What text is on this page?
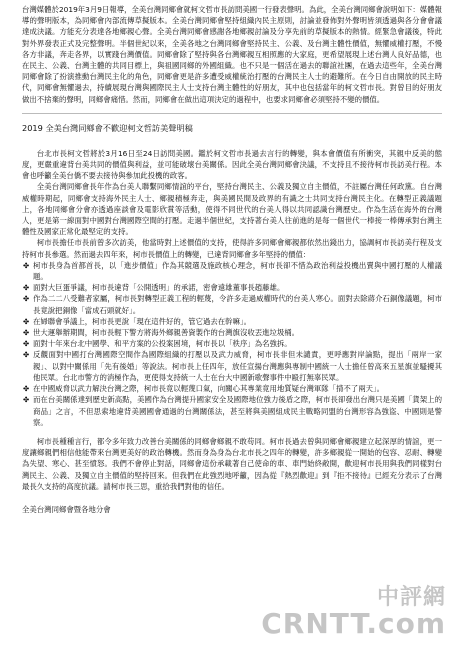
台灣媒體於2019年3月9日報導，全美台灣同鄉會就柯文哲市長訪問美國一行發表聲明。為此，全美台灣同鄉會說明如下：媒體報導的聲明版本，為同鄉會內部流傳草擬版本。全美台灣同鄉會堅持組織內民主原則，討論並發佈對外聲明皆須透過與各分會會議達成決議。方能充分表達各地鄉親心聲。全美台灣同鄉會感謝各地鄉親討論及分享先前的草擬版本的熱情。經緊急會議後，特此對外界發表正式及完整聲明。半個世紀以來，全美各地之台灣同鄉會堅持民主、公義、及台灣主體性價值，無懼威權打壓，不慢各方非議，奔走各界，以實踐台灣價值。同鄉會除了堅持與各台灣鄉親互相照應的大家庭，更希望展現上述台灣人良好品德，也在民主、公義、台灣主體的共同目標上，與祖國同鄉的外國組織。也不只是一個活在過去的聯誼社團，在過去這些年，全美台灣同鄉會除了扮演推動台灣民主化的角色，同鄉會更是許多遭受威權統治打壓的台灣民主人士的避難所。在今日自由開放的民主時代，同鄉會無懼過去，持續展現台灣與國際民主人士支持台灣主體性的好朋友，其中也包括當年的柯文哲市長。對曾目的好朋友做出不捨棄的聲明，同鄉會痛惜。然而，同鄉會在做出這項決定的過程中，也要求同鄉會必須堅持不變的價值。

2019 全美台灣同鄉會不歡迎柯文哲訪美聲明稿

台北市長柯文哲將於3月16日至24日訪問美國。鑑於柯文哲市長過去言行的轉變，與本會價值有所衝突，其親中反美的態度，更嚴重違背台美共同的價值與利益，並可能破壞台美關係。因此全美台灣同鄉會決議，不支持且不接待柯市長訪美行程。本會也呼籲全美台僑不要去接待與參加此投機的政客。

全美台灣同鄉會長年作為台美人聯繫同鄉情誼的平台，堅持台灣民主、公義及獨立自主價值，不註屬台灣任何政黨。自台灣威權時期起，同鄉會支持海外民主人士、鄉親積極奔走，與美國民間及政界的有識之士共同支持台灣民主化。在轉型正義議題上，各地同鄉會分會亦透過座談會及電影欣賞等活動，使得不同世代的台美人得以共同認識台灣歷史。作為生活在海外的台灣人，更是第一線面對中國對台灣國際空間的打壓。走過半個世紀，支持著台美人往前進的是每一個世代一棒接一棒傳承對台灣主體性及國家正常化最堅定的支持。

柯市長擔任市長前曾多次訪美，他當時對上述價值的支持，使得許多同鄉會鄉親都依然出錢出力，協調柯市長訪美行程及支持柯市長參選。然而過去四年來，柯市長價值上的轉變，已違背同鄉會多年堅持的價值：

✤ 柯市長身為首都首長，以「進步價值」作為其競選及施政核心理念，柯市長卻不惜為政治利益投機出賣與中國打壓的人權議題。
✤ 面對大巨蛋爭議，柯市長違背「公開透明」的承諾，密會遠雄董事長趙藤雄。
✤ 作為二二八受難者家屬，柯市長對轉型正義工程的輕蔑，令許多走過威權時代的台美人寒心。面對去除蔣介石銅像議題，柯市長竟說把銅像「當成石頭就好」。
✤ 在婦聯會爭議上，柯市長更說「現在這件好的，管它過去在幹嘛」。
✤ 世大運舉辦期間，柯市長輕下警方將海外鄉親善資製作的台灣旗沒收丟進垃圾桶。
✤ 面對十年來台北中國學、和平方案的公投案困境，柯市長以「秩序」為名強拆。
✤ 反觀面對中國打台灣國際空間作為國際組織的打壓以及武力威脅，柯市長非但未譴責，更呼應對岸論點，提出「兩岸一家親」、以對中關係用「先有後婚」等說法。柯市長上任四年，放任宣揚台灣應與專制中國統一人士擔任曾高來五星旗並騷擾其他民眾。台北市警方的消極作為，更使得支持統一人士在台大中國新歌聲事件中毆打無辜民眾。
✤ 在中國威脅以武力解決台灣之際，柯市長竟以輕蔑口氣，向關心其專業竟用地質疑台灣軍隊「揹不了兩天」。
✤ 而在台美關係達到歷史新高點，美國作為台灣提升國家安全及國際地位強力後盾之際，柯市長卻發出台灣只是美國「貨架上的商品」之言，不但思索地違背美國國會通過的台灣關係法，甚至將與美國組成民主戰略同盟的台灣形容為強盜、中國則是警察。

柯市長種種言行，都令多年致力改善台美關係的同鄉會鄉親不敢苟同。柯市長過去曾與同鄉會鄉親建立起深厚的情誼，更一度讓鄉親們相信他能帶來台灣更美好的政治轉機。然而身為身為台北市長之四年的轉變，許多鄉親從一開始的包容、忍耐、轉變為失望、寒心、甚至憤怒。我們不會停止對話，同鄉會這份承載著自己使命的車、車門始終敞開，歡迎柯市長用與我們同樣對台灣民主、公義、及獨立自主價值的堅持回來。但我們在此強烈地呼籲，因為從『熱烈歡迎』到『拒不接待』已經充分表示了台灣最長久支持的高度抗議。請柯市長三思，重拾我們對他的信任。

全美台灣同鄉會暨各地分會
中評網
CRNTT.com
